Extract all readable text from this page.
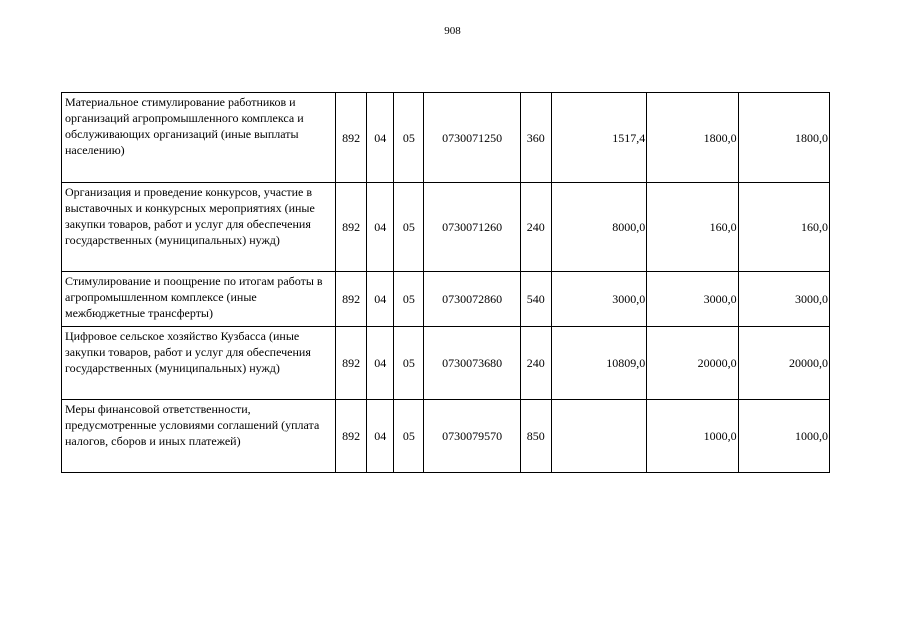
908
Материальное стимулирование работников и организаций агропромышленного комплекса и обслуживающих организаций (иные выплаты населению)	892	04	05	0730071250	360	1517,4	1800,0	1800,0
Организация и проведение конкурсов, участие в выставочных и конкурсных мероприятиях (иные закупки товаров, работ и услуг для обеспечения государственных (муниципальных) нужд)	892	04	05	0730071260	240	8000,0	160,0	160,0
Стимулирование и поощрение по итогам работы в агропромышленном комплексе (иные межбюджетные трансферты)	892	04	05	0730072860	540	3000,0	3000,0	3000,0
Цифровое сельское хозяйство Кузбасса (иные закупки товаров, работ и услуг для обеспечения государственных (муниципальных) нужд)	892	04	05	0730073680	240	10809,0	20000,0	20000,0
Меры финансовой ответственности, предусмотренные условиями соглашений (уплата налогов, сборов и иных платежей)	892	04	05	0730079570	850		1000,0	1000,0
